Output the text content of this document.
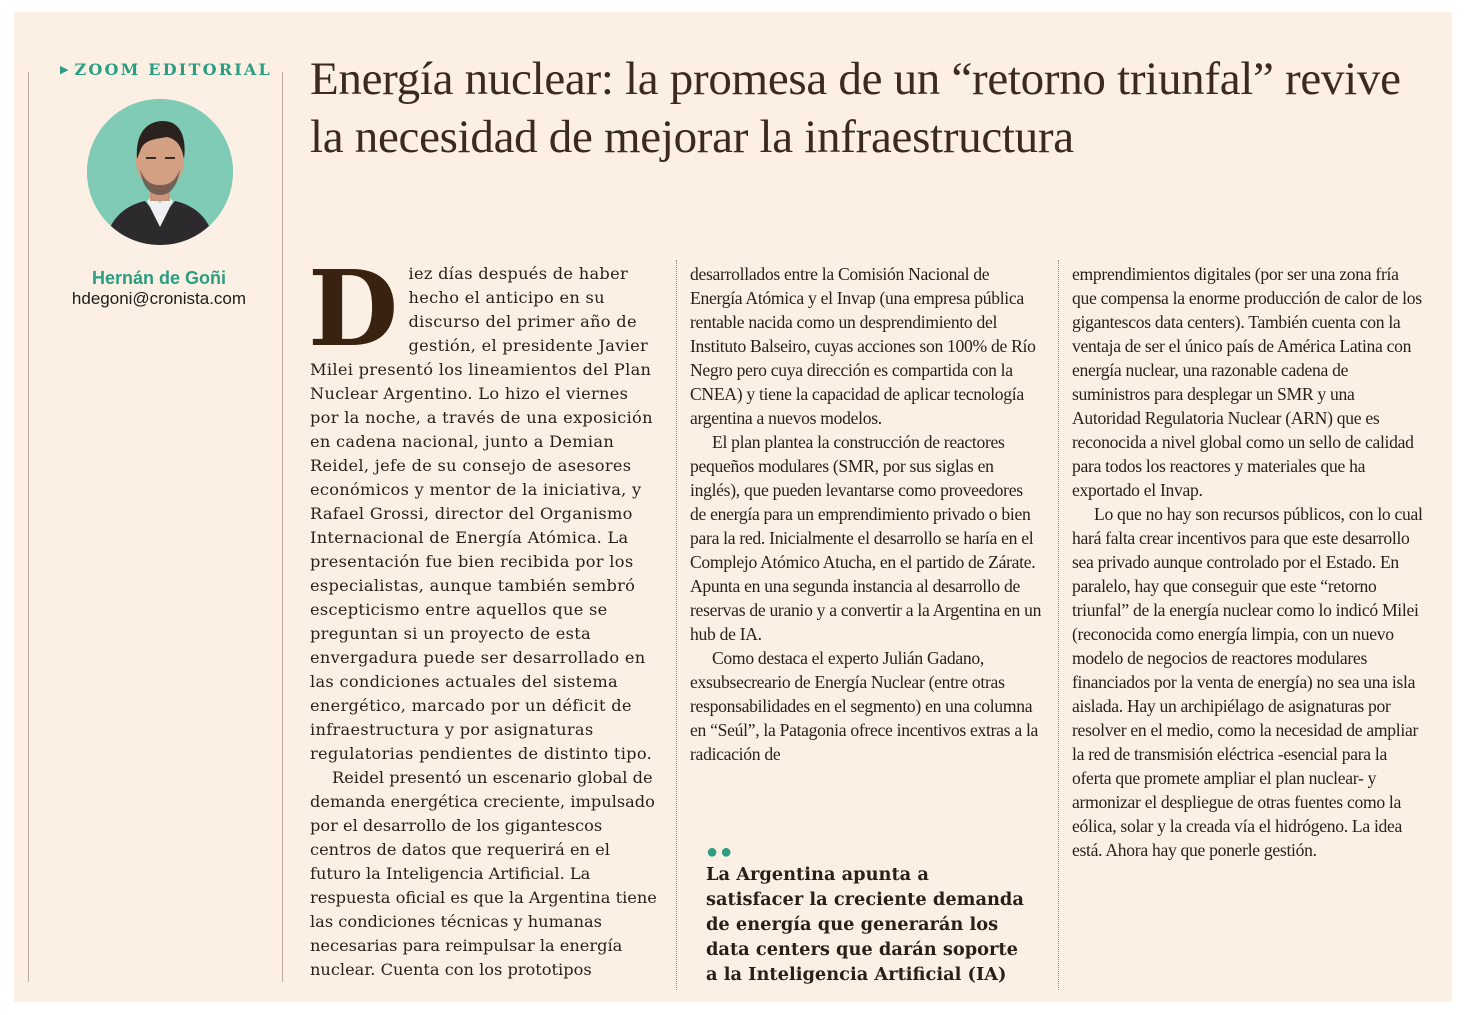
▶ ZOOM EDITORIAL

Hernán de Goñi

hdegoni@cronista.com

Energía nuclear: la promesa de un “retorno triunfal” revive la necesidad de mejorar la infraestructura

Diez días después de haber hecho el anticipo en su discurso del primer año de gestión, el presidente Javier Milei presentó los lineamientos del Plan Nuclear Argentino. Lo hizo el viernes por la noche, a través de una exposición en cadena nacional, junto a Demian Reidel, jefe de su consejo de asesores económicos y mentor de la iniciativa, y Rafael Grossi, director del Organismo Internacional de Energía Atómica. La presentación fue bien recibida por los especialistas, aunque también sembró escepticismo entre aquellos que se preguntan si un proyecto de esta envergadura puede ser desarrollado en las condiciones actuales del sistema energético, marcado por un déficit de infraestructura y por asignaturas regulatorias pendientes de distinto tipo.

Reidel presentó un escenario global de demanda energética creciente, impulsado por el desarrollo de los gigantescos centros de datos que requerirá en el futuro la Inteligencia Artificial. La respuesta oficial es que la Argentina tiene las condiciones técnicas y humanas necesarias para reimpulsar la energía nuclear. Cuenta con los prototipos

desarrollados entre la Comisión Nacional de Energía Atómica y el Invap (una empresa pública rentable nacida como un desprendimiento del Instituto Balseiro, cuyas acciones son 100% de Río Negro pero cuya dirección es compartida con la CNEA) y tiene la capacidad de aplicar tecnología argentina a nuevos modelos.

El plan plantea la construcción de reactores pequeños modulares (SMR, por sus siglas en inglés), que pueden levantarse como proveedores de energía para un emprendimiento privado o bien para la red. Inicialmente el desarrollo se haría en el Complejo Atómico Atucha, en el partido de Zárate. Apunta en una segunda instancia al desarrollo de reservas de uranio y a convertir a la Argentina en un hub de IA.

Como destaca el experto Julián Gadano, exsubsecreario de Energía Nuclear (entre otras responsabilidades en el segmento) en una columna en “Seúl”, la Patagonia ofrece incentivos extras a la radicación de

●●

La Argentina apunta a satisfacer la creciente demanda de energía que generarán los data centers que darán soporte a la Inteligencia Artificial (IA)

emprendimientos digitales (por ser una zona fría que compensa la enorme producción de calor de los gigantescos data centers). También cuenta con la ventaja de ser el único país de América Latina con energía nuclear, una razonable cadena de suministros para desplegar un SMR y una Autoridad Regulatoria Nuclear (ARN) que es reconocida a nivel global como un sello de calidad para todos los reactores y materiales que ha exportado el Invap.

Lo que no hay son recursos públicos, con lo cual hará falta crear incentivos para que este desarrollo sea privado aunque controlado por el Estado. En paralelo, hay que conseguir que este “retorno triunfal” de la energía nuclear como lo indicó Milei (reconocida como energía limpia, con un nuevo modelo de negocios de reactores modulares financiados por la venta de energía) no sea una isla aislada. Hay un archipiélago de asignaturas por resolver en el medio, como la necesidad de ampliar la red de transmisión eléctrica -esencial para la oferta que promete ampliar el plan nuclear- y armonizar el despliegue de otras fuentes como la eólica, solar y la creada vía el hidrógeno. La idea está. Ahora hay que ponerle gestión.
